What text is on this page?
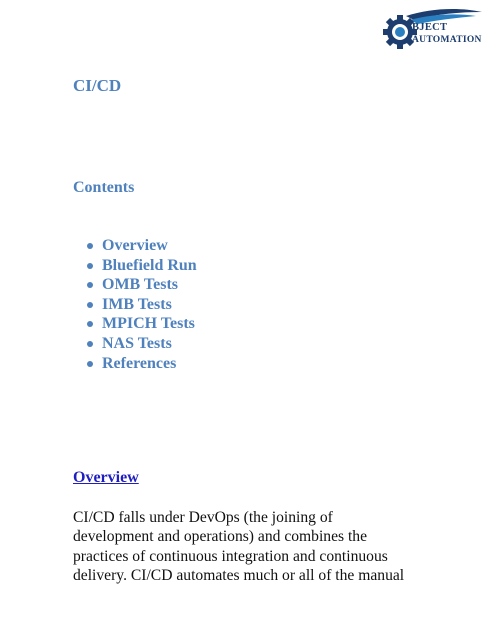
BJECT
AUTOMATION
CI/CD
Contents
Overview
Bluefield Run
OMB Tests
IMB Tests
MPICH Tests
NAS Tests
References
Overview

CI/CD falls under DevOps (the joining of
development and operations) and combines the
practices of continuous integration and continuous
delivery. CI/CD automates much or all of the manual
